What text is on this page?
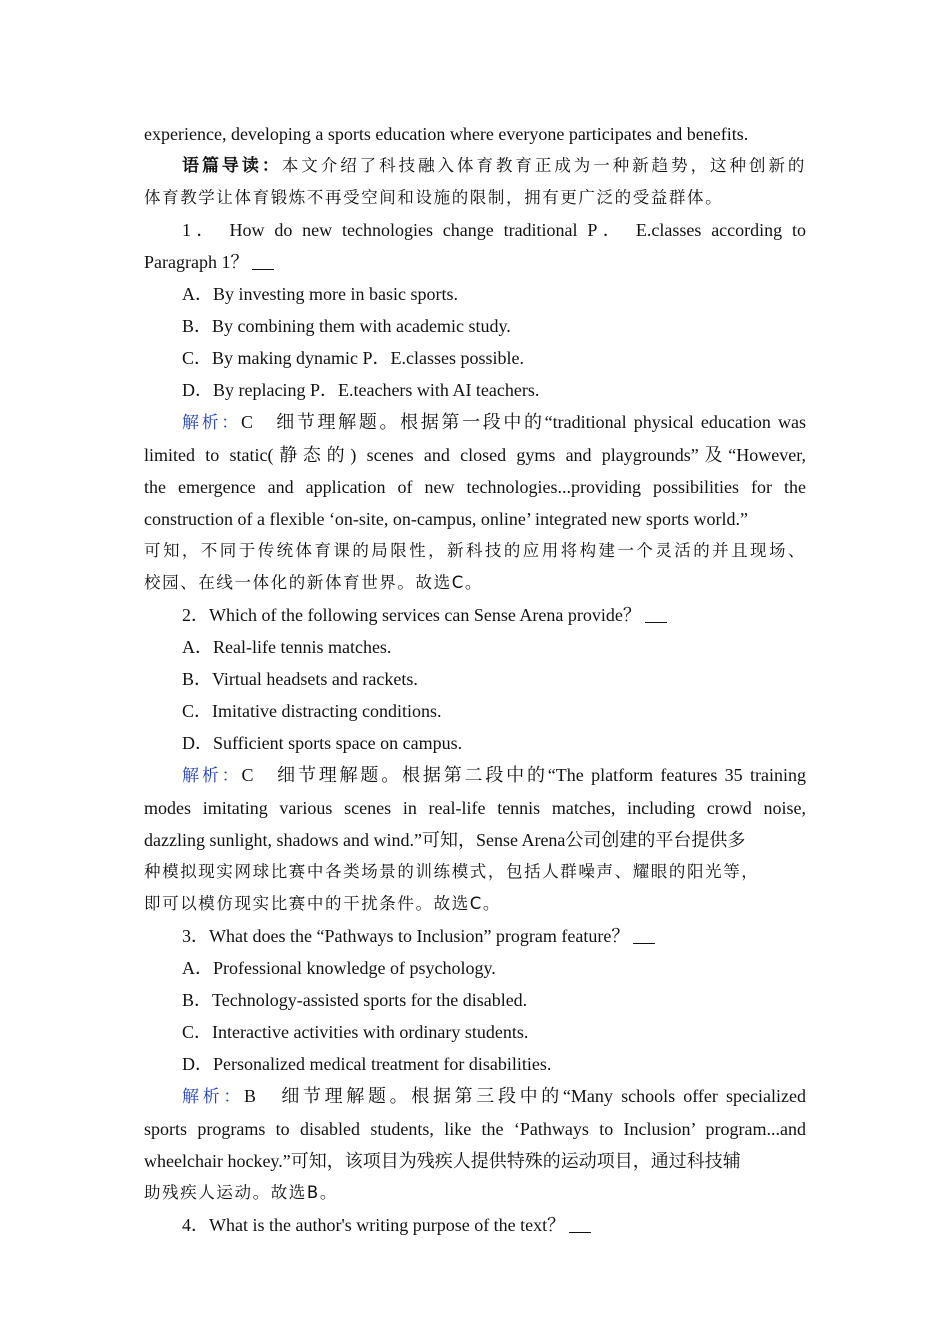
experience, developing a sports education where everyone participates and benefits.
语篇导读：本文介绍了科技融入体育教育正成为一种新趋势，这种创新的
体育教学让体育锻炼不再受空间和设施的限制，拥有更广泛的受益群体。
1． How do new technologies change traditional P． E.classes according to
Paragraph 1？
A．By investing more in basic sports.
B．By combining them with academic study.
C．By making dynamic P．E.classes possible.
D．By replacing P．E.teachers with AI teachers.
解析：C　细节理解题。根据第一段中的“traditional physical education was
limited to static(静态的) scenes and closed gyms and playgrounds”及“However,
the emergence and application of new technologies...providing possibilities for the
construction of a flexible ‘on-site, on-campus, online’ integrated new sports world.”
可知，不同于传统体育课的局限性，新科技的应用将构建一个灵活的并且现场、
校园、在线一体化的新体育世界。故选C。
2．Which of the following services can Sense Arena provide？
A．Real-life tennis matches.
B．Virtual headsets and rackets.
C．Imitative distracting conditions.
D．Sufficient sports space on campus.
解析：C　细节理解题。根据第二段中的“The platform features 35 training
modes imitating various scenes in real-life tennis matches, including crowd noise,
dazzling sunlight, shadows and wind.”可知，Sense Arena公司创建的平台提供多
种模拟现实网球比赛中各类场景的训练模式，包括人群噪声、耀眼的阳光等，
即可以模仿现实比赛中的干扰条件。故选C。
3．What does the “Pathways to Inclusion” program feature？
A．Professional knowledge of psychology.
B．Technology-assisted sports for the disabled.
C．Interactive activities with ordinary students.
D．Personalized medical treatment for disabilities.
解析：B　细节理解题。根据第三段中的“Many schools offer specialized
sports programs to disabled students, like the ‘Pathways to Inclusion’ program...and
wheelchair hockey.”可知，该项目为残疾人提供特殊的运动项目，通过科技辅
助残疾人运动。故选B。
4．What is the author's writing purpose of the text？
